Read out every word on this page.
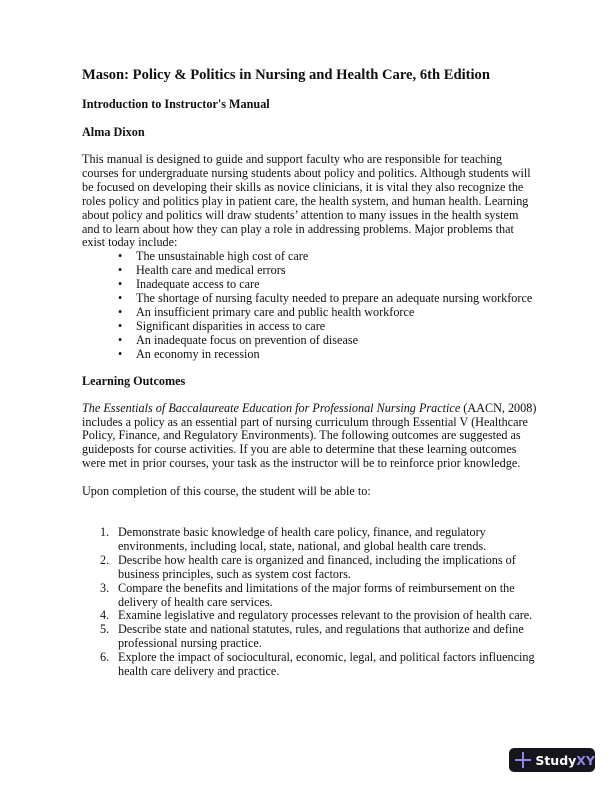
Mason: Policy & Politics in Nursing and Health Care, 6th Edition
Introduction to Instructor's Manual
Alma Dixon

This manual is designed to guide and support faculty who are responsible for teaching courses for undergraduate nursing students about policy and politics. Although students will be focused on developing their skills as novice clinicians, it is vital they also recognize the roles policy and politics play in patient care, the health system, and human health. Learning about policy and politics will draw students’ attention to many issues in the health system and to learn about how they can play a role in addressing problems. Major problems that exist today include:

• The unsustainable high cost of care
• Health care and medical errors
• Inadequate access to care
• The shortage of nursing faculty needed to prepare an adequate nursing workforce
• An insufficient primary care and public health workforce
• Significant disparities in access to care
• An inadequate focus on prevention of disease
• An economy in recession
Learning Outcomes

The Essentials of Baccalaureate Education for Professional Nursing Practice (AACN, 2008) includes a policy as an essential part of nursing curriculum through Essential V (Healthcare Policy, Finance, and Regulatory Environments). The following outcomes are suggested as guideposts for course activities. If you are able to determine that these learning outcomes were met in prior courses, your task as the instructor will be to reinforce prior knowledge.

Upon completion of this course, the student will be able to:

1. Demonstrate basic knowledge of health care policy, finance, and regulatory environments, including local, state, national, and global health care trends.
2. Describe how health care is organized and financed, including the implications of business principles, such as system cost factors.
3. Compare the benefits and limitations of the major forms of reimbursement on the delivery of health care services.
4. Examine legislative and regulatory processes relevant to the provision of health care.
5. Describe state and national statutes, rules, and regulations that authorize and define professional nursing practice.
6. Explore the impact of sociocultural, economic, legal, and political factors influencing health care delivery and practice.
StudyXY
